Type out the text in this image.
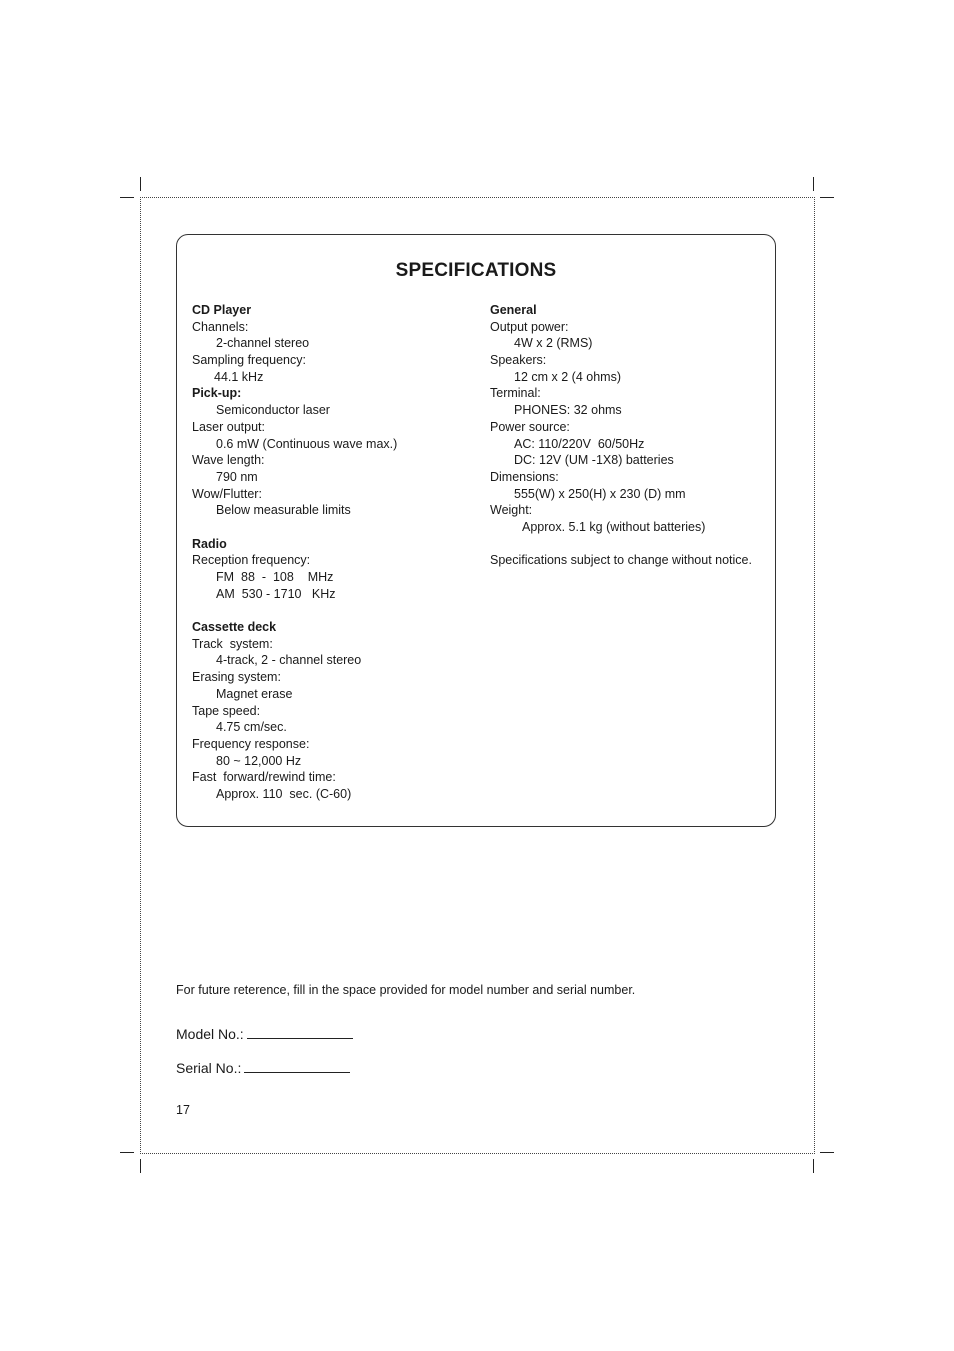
SPECIFICATIONS
CD Player
Channels:
2-channel stereo
Sampling frequency:
44.1 kHz
Pick-up:
Semiconductor laser
Laser output:
0.6 mW (Continuous wave max.)
Wave length:
790 nm
Wow/Flutter:
Below measurable limits
Radio
Reception frequency:
FM  88  -  108    MHz
AM  530 - 1710   KHz
Cassette deck
Track  system:
4-track, 2 - channel stereo
Erasing system:
Magnet erase
Tape speed:
4.75 cm/sec.
Frequency response:
80 ~ 12,000 Hz
Fast  forward/rewind time:
Approx. 110  sec. (C-60)
General
Output power:
4W x 2 (RMS)
Speakers:
12 cm x 2 (4 ohms)
Terminal:
PHONES: 32 ohms
Power source:
AC: 110/220V  60/50Hz
DC: 12V (UM -1X8) batteries
Dimensions:
555(W) x 250(H) x 230 (D) mm
Weight:
Approx. 5.1 kg (without batteries)
Specifications subject to change without notice.
For future reterence, fill in the space provided for model number and serial number.
Model No.:
Serial No.:
17
